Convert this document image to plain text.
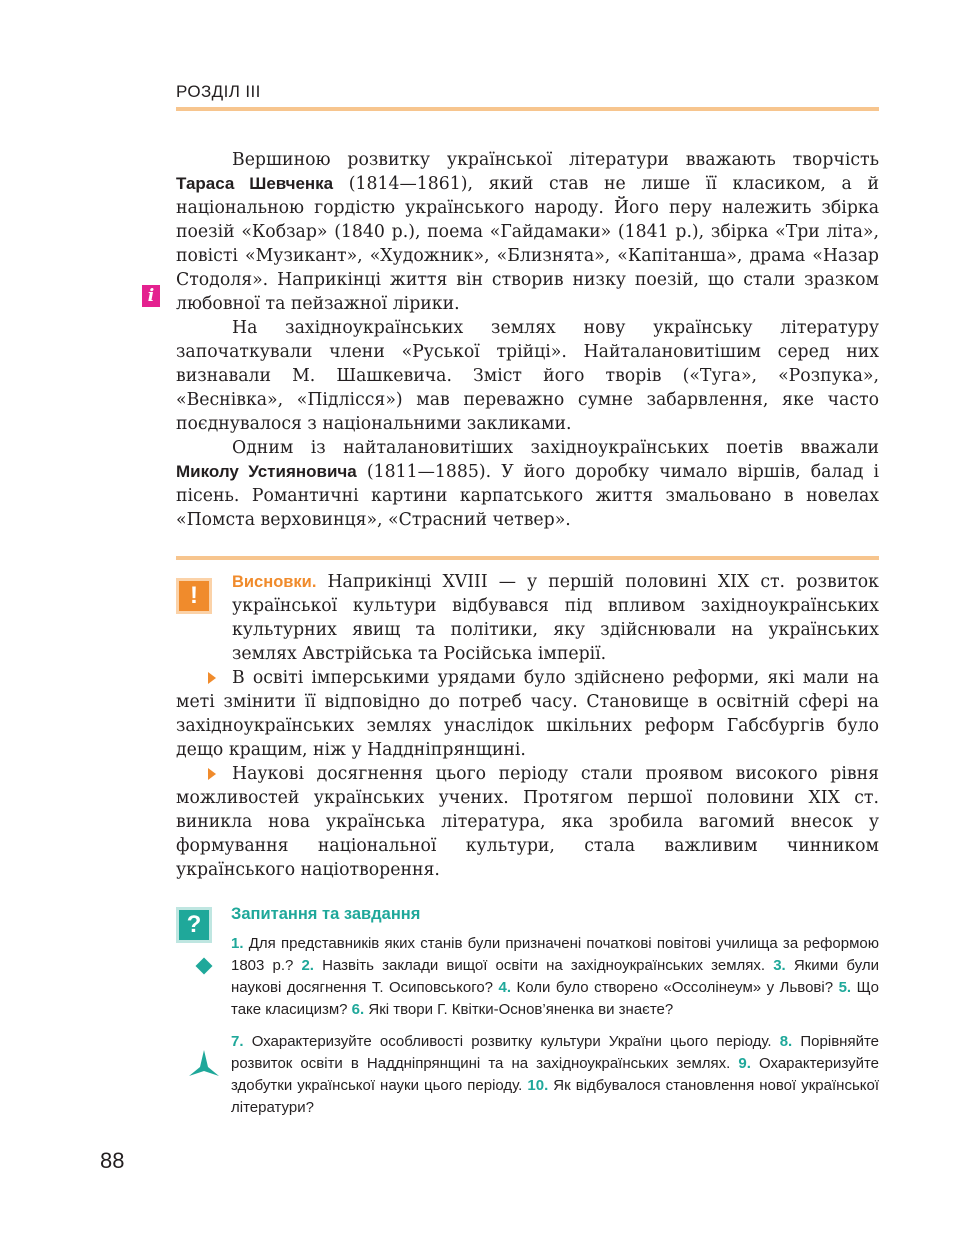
РОЗДІЛ ІІІ
i

Вершиною розвитку української літератури вважають творчість Тараса Шевченка (1814—1861), який став не лише її класиком, а й національною гордістю українського народу. Його перу належить збірка поезій «Кобзар» (1840 р.), поема «Гайдамаки» (1841 р.), збірка «Три літа», повісті «Музикант», «Художник», «Близнята», «Капітанша», драма «Назар Стодоля». Наприкінці життя він створив низку поезій, що стали зразком любовної та пейзажної лірики.

На західноукраїнських землях нову українську літературу започаткували члени «Руської трійці». Найталановитішим серед них визнавали М. Шашкевича. Зміст його творів («Туга», «Розпука», «Веснівка», «Підлісся») мав переважно сумне забарвлення, яке часто поєднувалося з національними закликами.

Одним із найталановитіших західноукраїнських поетів вважали Миколу Устияновича (1811—1885). У його доробку чимало віршів, балад і пісень. Романтичні картини карпатського життя змальовано в новелах «Помста верховинця», «Страсний четвер».

!	Висновки. Наприкінці XVIII — у першій половині XIX ст. розвиток української культури відбувався під впливом західноукраїнських культурних явищ та політики, яку здійснювали на українських землях Австрійська та Російська імперії.

В освіті імперськими урядами було здійснено реформи, які мали на меті змінити її відповідно до потреб часу. Становище в освітній сфері на західноукраїнських землях унаслідок шкільних реформ Габсбургів було дещо кращим, ніж у Наддніпрянщині.

Наукові досягнення цього періоду стали проявом високого рівня можливостей українських учених. Протягом першої половини XIX ст. виникла нова українська література, яка зробила вагомий внесок у формування національної культури, стала важливим чинником українського націотворення.

?	Запитання та завдання

1. Для представників яких станів були призначені початкові повітові училища за реформою 1803 р.? 2. Назвіть заклади вищої освіти на західноукраїнських землях. 3. Якими були наукові досягнення Т. Осиповського? 4. Коли було створено «Оссолінеум» у Львові? 5. Що таке класицизм? 6. Які твори Г. Квітки-Основ’яненка ви знаєте?

7. Охарактеризуйте особливості розвитку культури України цього періоду. 8. Порівняйте розвиток освіти в Наддніпрянщині та на західноукраїнських землях. 9. Охарактеризуйте здобутки української науки цього періоду. 10. Як відбувалося становлення нової української літератури?

88
